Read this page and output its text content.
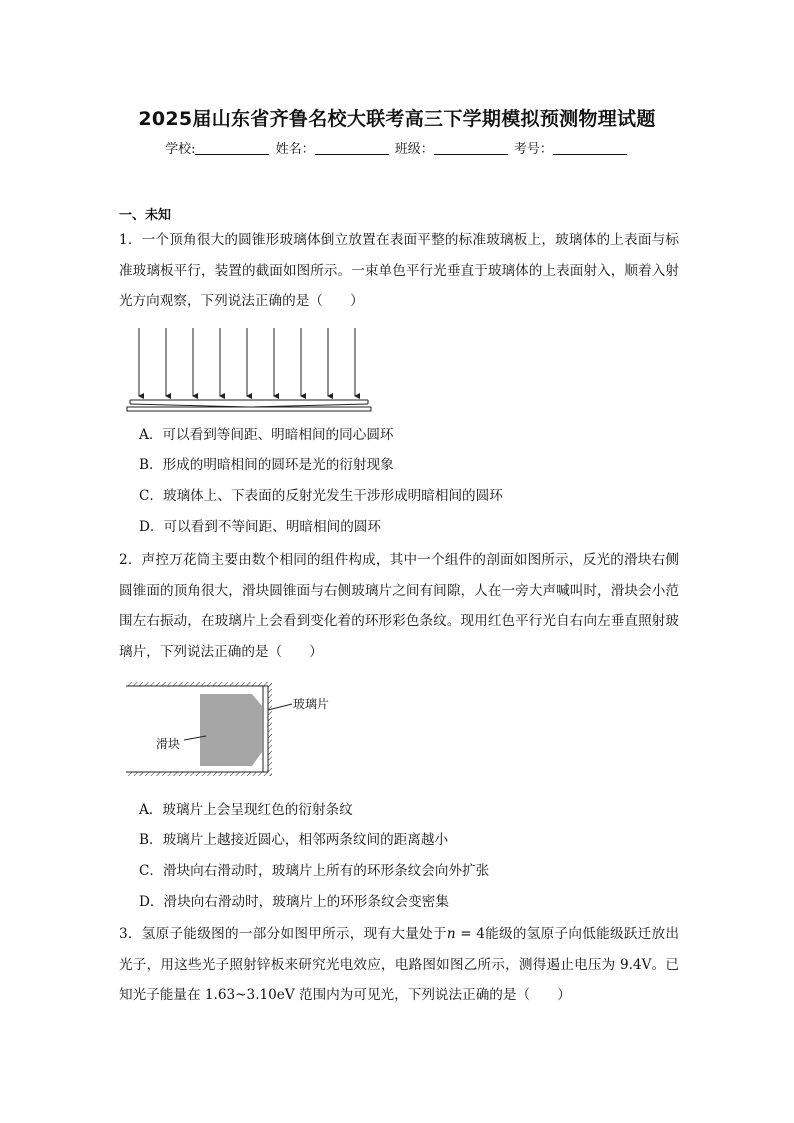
2025届山东省齐鲁名校大联考高三下学期模拟预测物理试题
学校:	姓名：	班级：	考号：
一、未知
1．一个顶角很大的圆锥形玻璃体倒立放置在表面平整的标准玻璃板上，玻璃体的上表面与标准玻璃板平行，装置的截面如图所示。一束单色平行光垂直于玻璃体的上表面射入，顺着入射光方向观察，下列说法正确的是（　　）
A．可以看到等间距、明暗相间的同心圆环
B．形成的明暗相间的圆环是光的衍射现象
C．玻璃体上、下表面的反射光发生干涉形成明暗相间的圆环
D．可以看到不等间距、明暗相间的圆环
2．声控万花筒主要由数个相同的组件构成，其中一个组件的剖面如图所示，反光的滑块右侧圆锥面的顶角很大，滑块圆锥面与右侧玻璃片之间有间隙，人在一旁大声喊叫时，滑块会小范围左右振动，在玻璃片上会看到变化着的环形彩色条纹。现用红色平行光自右向左垂直照射玻璃片，下列说法正确的是（　　）
玻璃片
滑块
A．玻璃片上会呈现红色的衍射条纹
B．玻璃片上越接近圆心，相邻两条纹间的距离越小
C．滑块向右滑动时，玻璃片上所有的环形条纹会向外扩张
D．滑块向右滑动时，玻璃片上的环形条纹会变密集
3．氢原子能级图的一部分如图甲所示，现有大量处于n = 4能级的氢原子向低能级跃迁放出光子，用这些光子照射锌板来研究光电效应，电路图如图乙所示，测得遏止电压为 9.4V。已知光子能量在 1.63~3.10eV 范围内为可见光，下列说法正确的是（　　）
